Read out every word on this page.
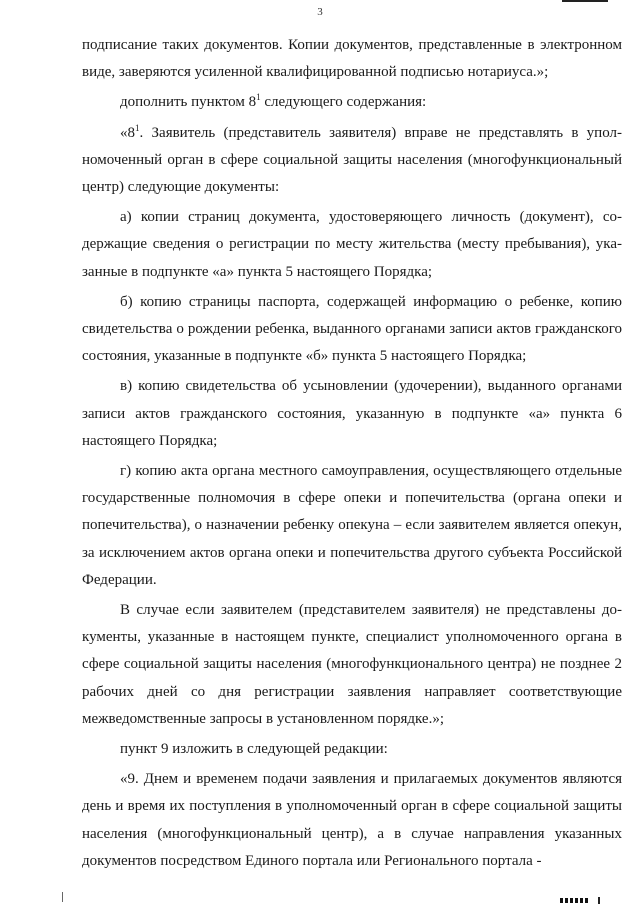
3

подписание таких документов. Копии документов, представленные в электронном виде, заверяются усиленной квалифицированной подписью нотариуса.»;

дополнить пунктом $8^1$ следующего содержания:

«$8^1$. Заявитель (представитель заявителя) вправе не представлять в уполномоченный орган в сфере социальной защиты населения (многофункциональный центр) следующие документы:

а) копии страниц документа, удостоверяющего личность (документ), содержащие сведения о регистрации по месту жительства (месту пребывания), указанные в подпункте «а» пункта 5 настоящего Порядка;

б) копию страницы паспорта, содержащей информацию о ребенке, копию свидетельства о рождении ребенка, выданного органами записи актов гражданского состояния, указанные в подпункте «б» пункта 5 настоящего Порядка;

в) копию свидетельства об усыновлении (удочерении), выданного органами записи актов гражданского состояния, указанную в подпункте «а» пункта 6 настоящего Порядка;

г) копию акта органа местного самоуправления, осуществляющего отдельные государственные полномочия в сфере опеки и попечительства (органа опеки и попечительства), о назначении ребенку опекуна – если заявителем является опекун, за исключением актов органа опеки и попечительства другого субъекта Российской Федерации.

В случае если заявителем (представителем заявителя) не представлены документы, указанные в настоящем пункте, специалист уполномоченного органа в сфере социальной защиты населения (многофункционального центра) не позднее 2 рабочих дней со дня регистрации заявления направляет соответствующие межведомственные запросы в установленном порядке.»;

пункт 9 изложить в следующей редакции:

«9. Днем и временем подачи заявления и прилагаемых документов являются день и время их поступления в уполномоченный орган в сфере социальной защиты населения (многофункциональный центр), а в случае направления указанных документов посредством Единого портала или Регионального портала -
